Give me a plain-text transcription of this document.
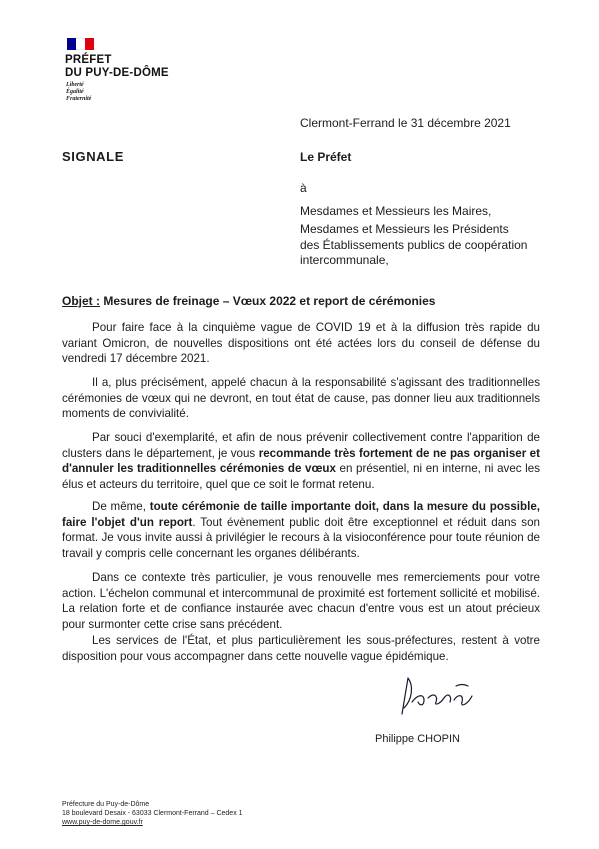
PRÉFET
DU PUY-DE-DÔME
Liberté
Égalité
Fraternité
Clermont-Ferrand le 31 décembre 2021
SIGNALE	Le Préfet
à
Mesdames et Messieurs les Maires,
Mesdames et Messieurs les Présidents des Établissements publics de coopération intercommunale,
Objet : Mesures de freinage – Vœux 2022 et report de cérémonies

Pour faire face à la cinquième vague de COVID 19 et à la diffusion très rapide du variant Omicron, de nouvelles dispositions ont été actées lors du conseil de défense du vendredi 17 décembre 2021.

Il a, plus précisément, appelé chacun à la responsabilité s'agissant des traditionnelles cérémonies de vœux qui ne devront, en tout état de cause, pas donner lieu aux traditionnels moments de convivialité.

Par souci d'exemplarité, et afin de nous prévenir collectivement contre l'apparition de clusters dans le département, je vous recommande très fortement de ne pas organiser et d'annuler les traditionnelles cérémonies de vœux en présentiel, ni en interne, ni avec les élus et acteurs du territoire, quel que ce soit le format retenu.

De même, toute cérémonie de taille importante doit, dans la mesure du possible, faire l'objet d'un report. Tout évènement public doit être exceptionnel et réduit dans son format. Je vous invite aussi à privilégier le recours à la visioconférence pour toute réunion de travail y compris celle concernant les organes délibérants.

Dans ce contexte très particulier, je vous renouvelle mes remerciements pour votre action. L'échelon communal et intercommunal de proximité est fortement sollicité et mobilisé. La relation forte et de confiance instaurée avec chacun d'entre vous est un atout précieux pour surmonter cette crise sans précédent.

Les services de l'État, et plus particulièrement les sous-préfectures, restent à votre disposition pour vous accompagner dans cette nouvelle vague épidémique.

Philippe CHOPIN
Préfecture du Puy-de-Dôme
18 boulevard Desaix - 63033 Clermont-Ferrand – Cedex 1
www.puy-de-dome.gouv.fr
